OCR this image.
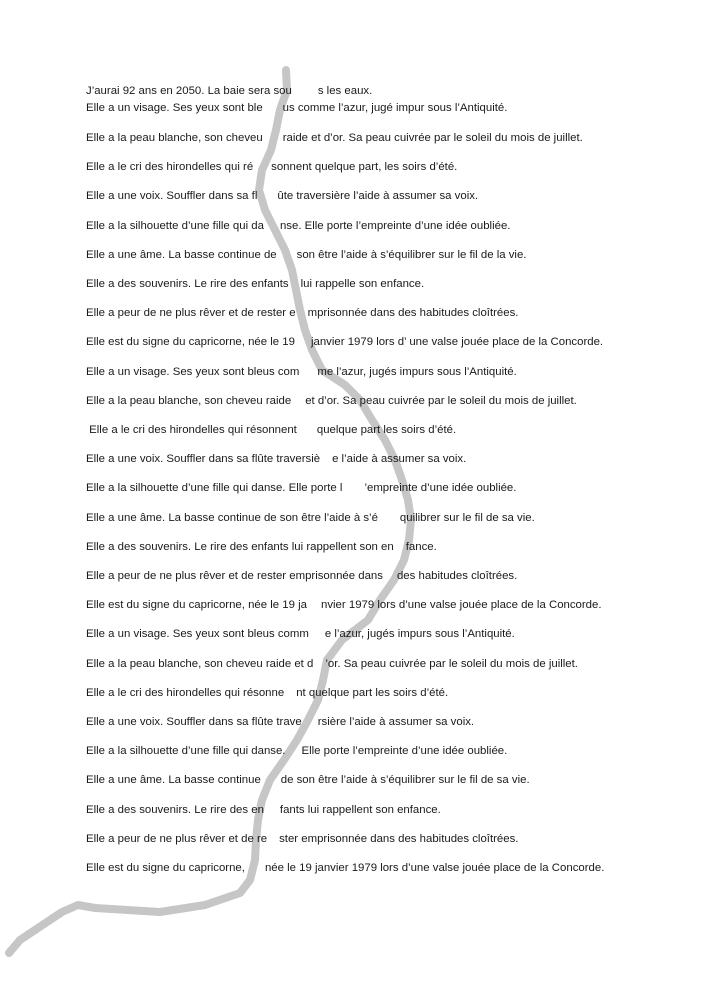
J’aurai 92 ans en 2050. La baie sera sou s les eaux.

Elle a un visage. Ses yeux sont ble us comme l’azur, jugé impur sous l’Antiquité.

Elle a la peau blanche, son cheveu raide et d’or. Sa peau cuivrée par le soleil du mois de juillet.

Elle a le cri des hirondelles qui ré sonnent quelque part, les soirs d’été.

Elle a une voix. Souffler dans sa fl ûte traversière l’aide à assumer sa voix.

Elle a la silhouette d’une fille qui da nse. Elle porte l’empreinte d’une idée oubliée.

Elle a une âme. La basse continue de son être l’aide à s’équilibrer sur le fil de la vie.

Elle a des souvenirs. Le rire des enfants lui rappelle son enfance.

Elle a peur de ne plus rêver et de rester e mprisonnée dans des habitudes cloîtrées.

Elle est du signe du capricorne, née le 19 janvier 1979 lors d’ une valse jouée place de la Concorde.

Elle a un visage. Ses yeux sont bleus com me l’azur, jugés impurs sous l’Antiquité.

Elle a la peau blanche, son cheveu raide et d’or. Sa peau cuivrée par le soleil du mois de juillet.

Elle a le cri des hirondelles qui résonnent quelque part les soirs d’été.

Elle a une voix. Souffler dans sa flûte traversiè e l’aide à assumer sa voix.

Elle a la silhouette d’une fille qui danse. Elle porte l ’empreinte d’une idée oubliée.

Elle a une âme. La basse continue de son être l’aide à s’é quilibrer sur le fil de sa vie.

Elle a des souvenirs. Le rire des enfants lui rappellent son en fance.

Elle a peur de ne plus rêver et de rester emprisonnée dans des habitudes cloîtrées.

Elle est du signe du capricorne, née le 19 ja nvier 1979 lors d’une valse jouée place de la Concorde.

Elle a un visage. Ses yeux sont bleus comm e l’azur, jugés impurs sous l’Antiquité.

Elle a la peau blanche, son cheveu raide et d ’or. Sa peau cuivrée par le soleil du mois de juillet.

Elle a le cri des hirondelles qui résonne nt quelque part les soirs d’été.

Elle a une voix. Souffler dans sa flûte trave rsière l’aide à assumer sa voix.

Elle a la silhouette d’une fille qui danse. Elle porte l’empreinte d’une idée oubliée.

Elle a une âme. La basse continue de son être l’aide à s’équilibrer sur le fil de sa vie.

Elle a des souvenirs. Le rire des en fants lui rappellent son enfance.

Elle a peur de ne plus rêver et de re ster emprisonnée dans des habitudes cloîtrées.

Elle est du signe du capricorne, née le 19 janvier 1979 lors d’une valse jouée place de la Concorde.
